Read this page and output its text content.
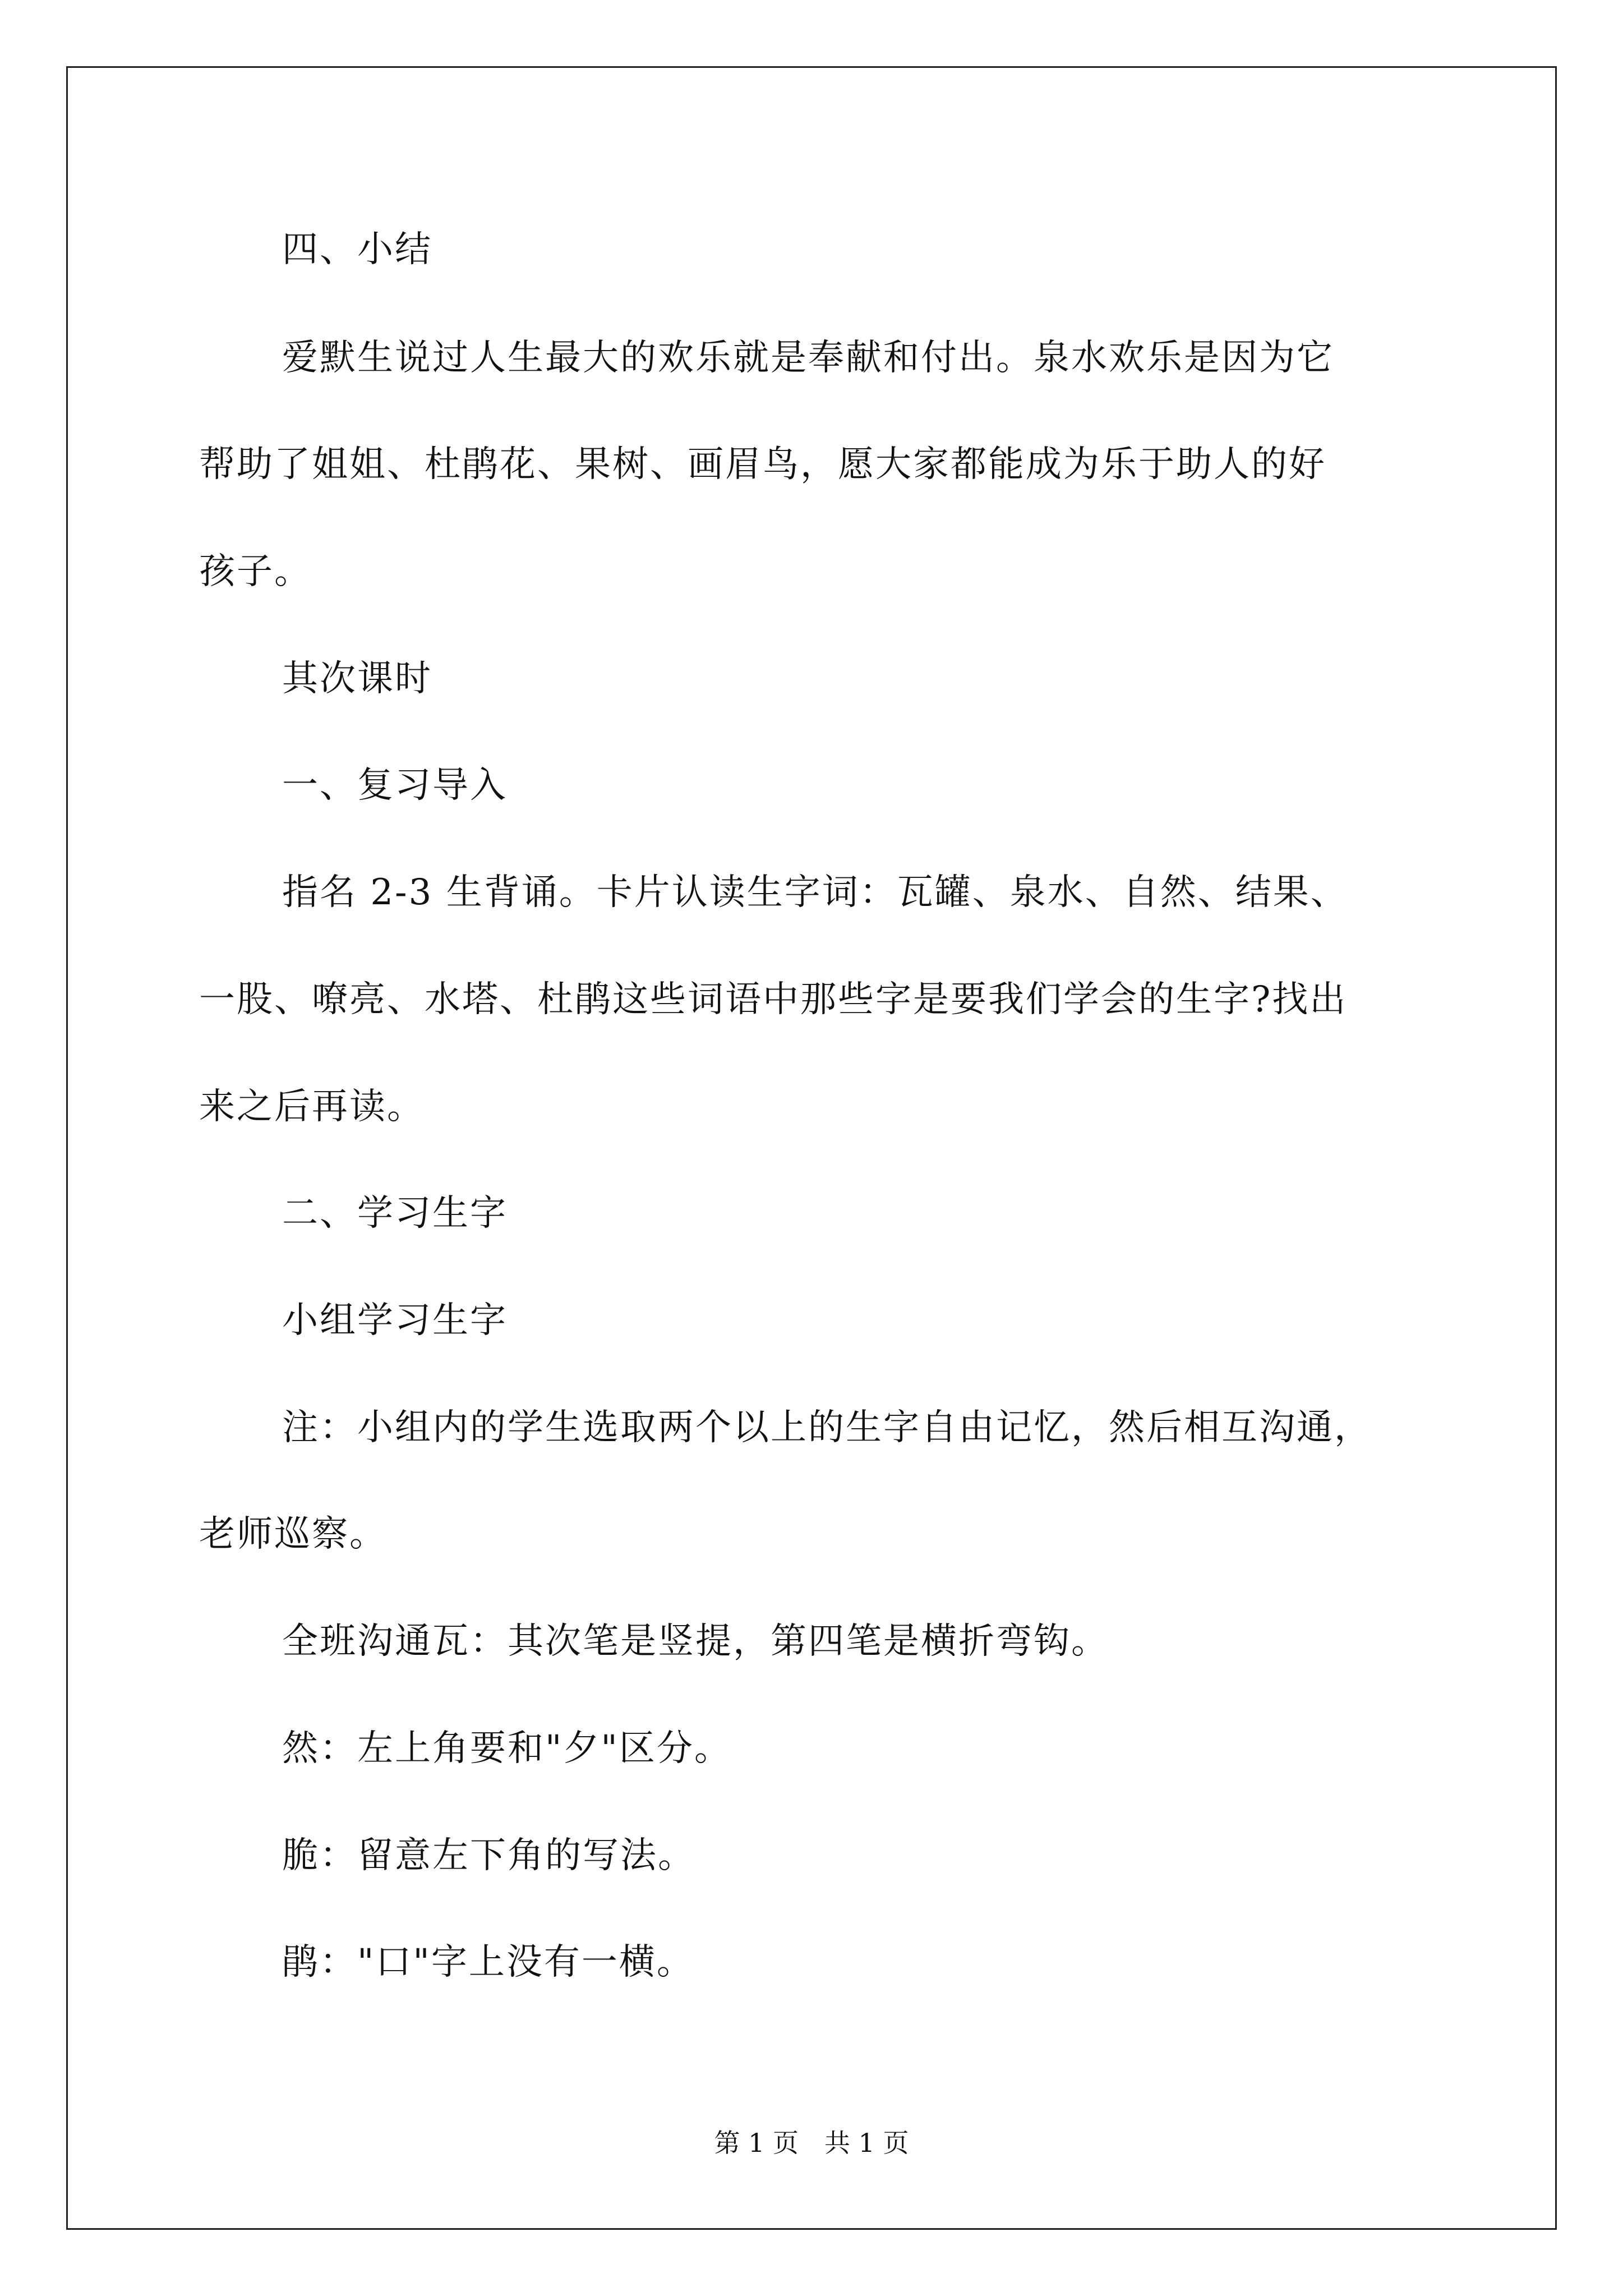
四、小结
爱默生说过人生最大的欢乐就是奉献和付出。泉水欢乐是因为它
帮助了姐姐、杜鹃花、果树、画眉鸟，愿大家都能成为乐于助人的好
孩子。
其次课时
一、复习导入
指名 2-3 生背诵。卡片认读生字词：瓦罐、泉水、自然、结果、
一股、嘹亮、水塔、杜鹃这些词语中那些字是要我们学会的生字?找出
来之后再读。
二、学习生字
小组学习生字
注：小组内的学生选取两个以上的生字自由记忆，然后相互沟通，
老师巡察。
全班沟通瓦：其次笔是竖提，第四笔是横折弯钩。
然：左上角要和"夕"区分。
脆：留意左下角的写法。
鹃："口"字上没有一横。
第 1 页　共 1 页
